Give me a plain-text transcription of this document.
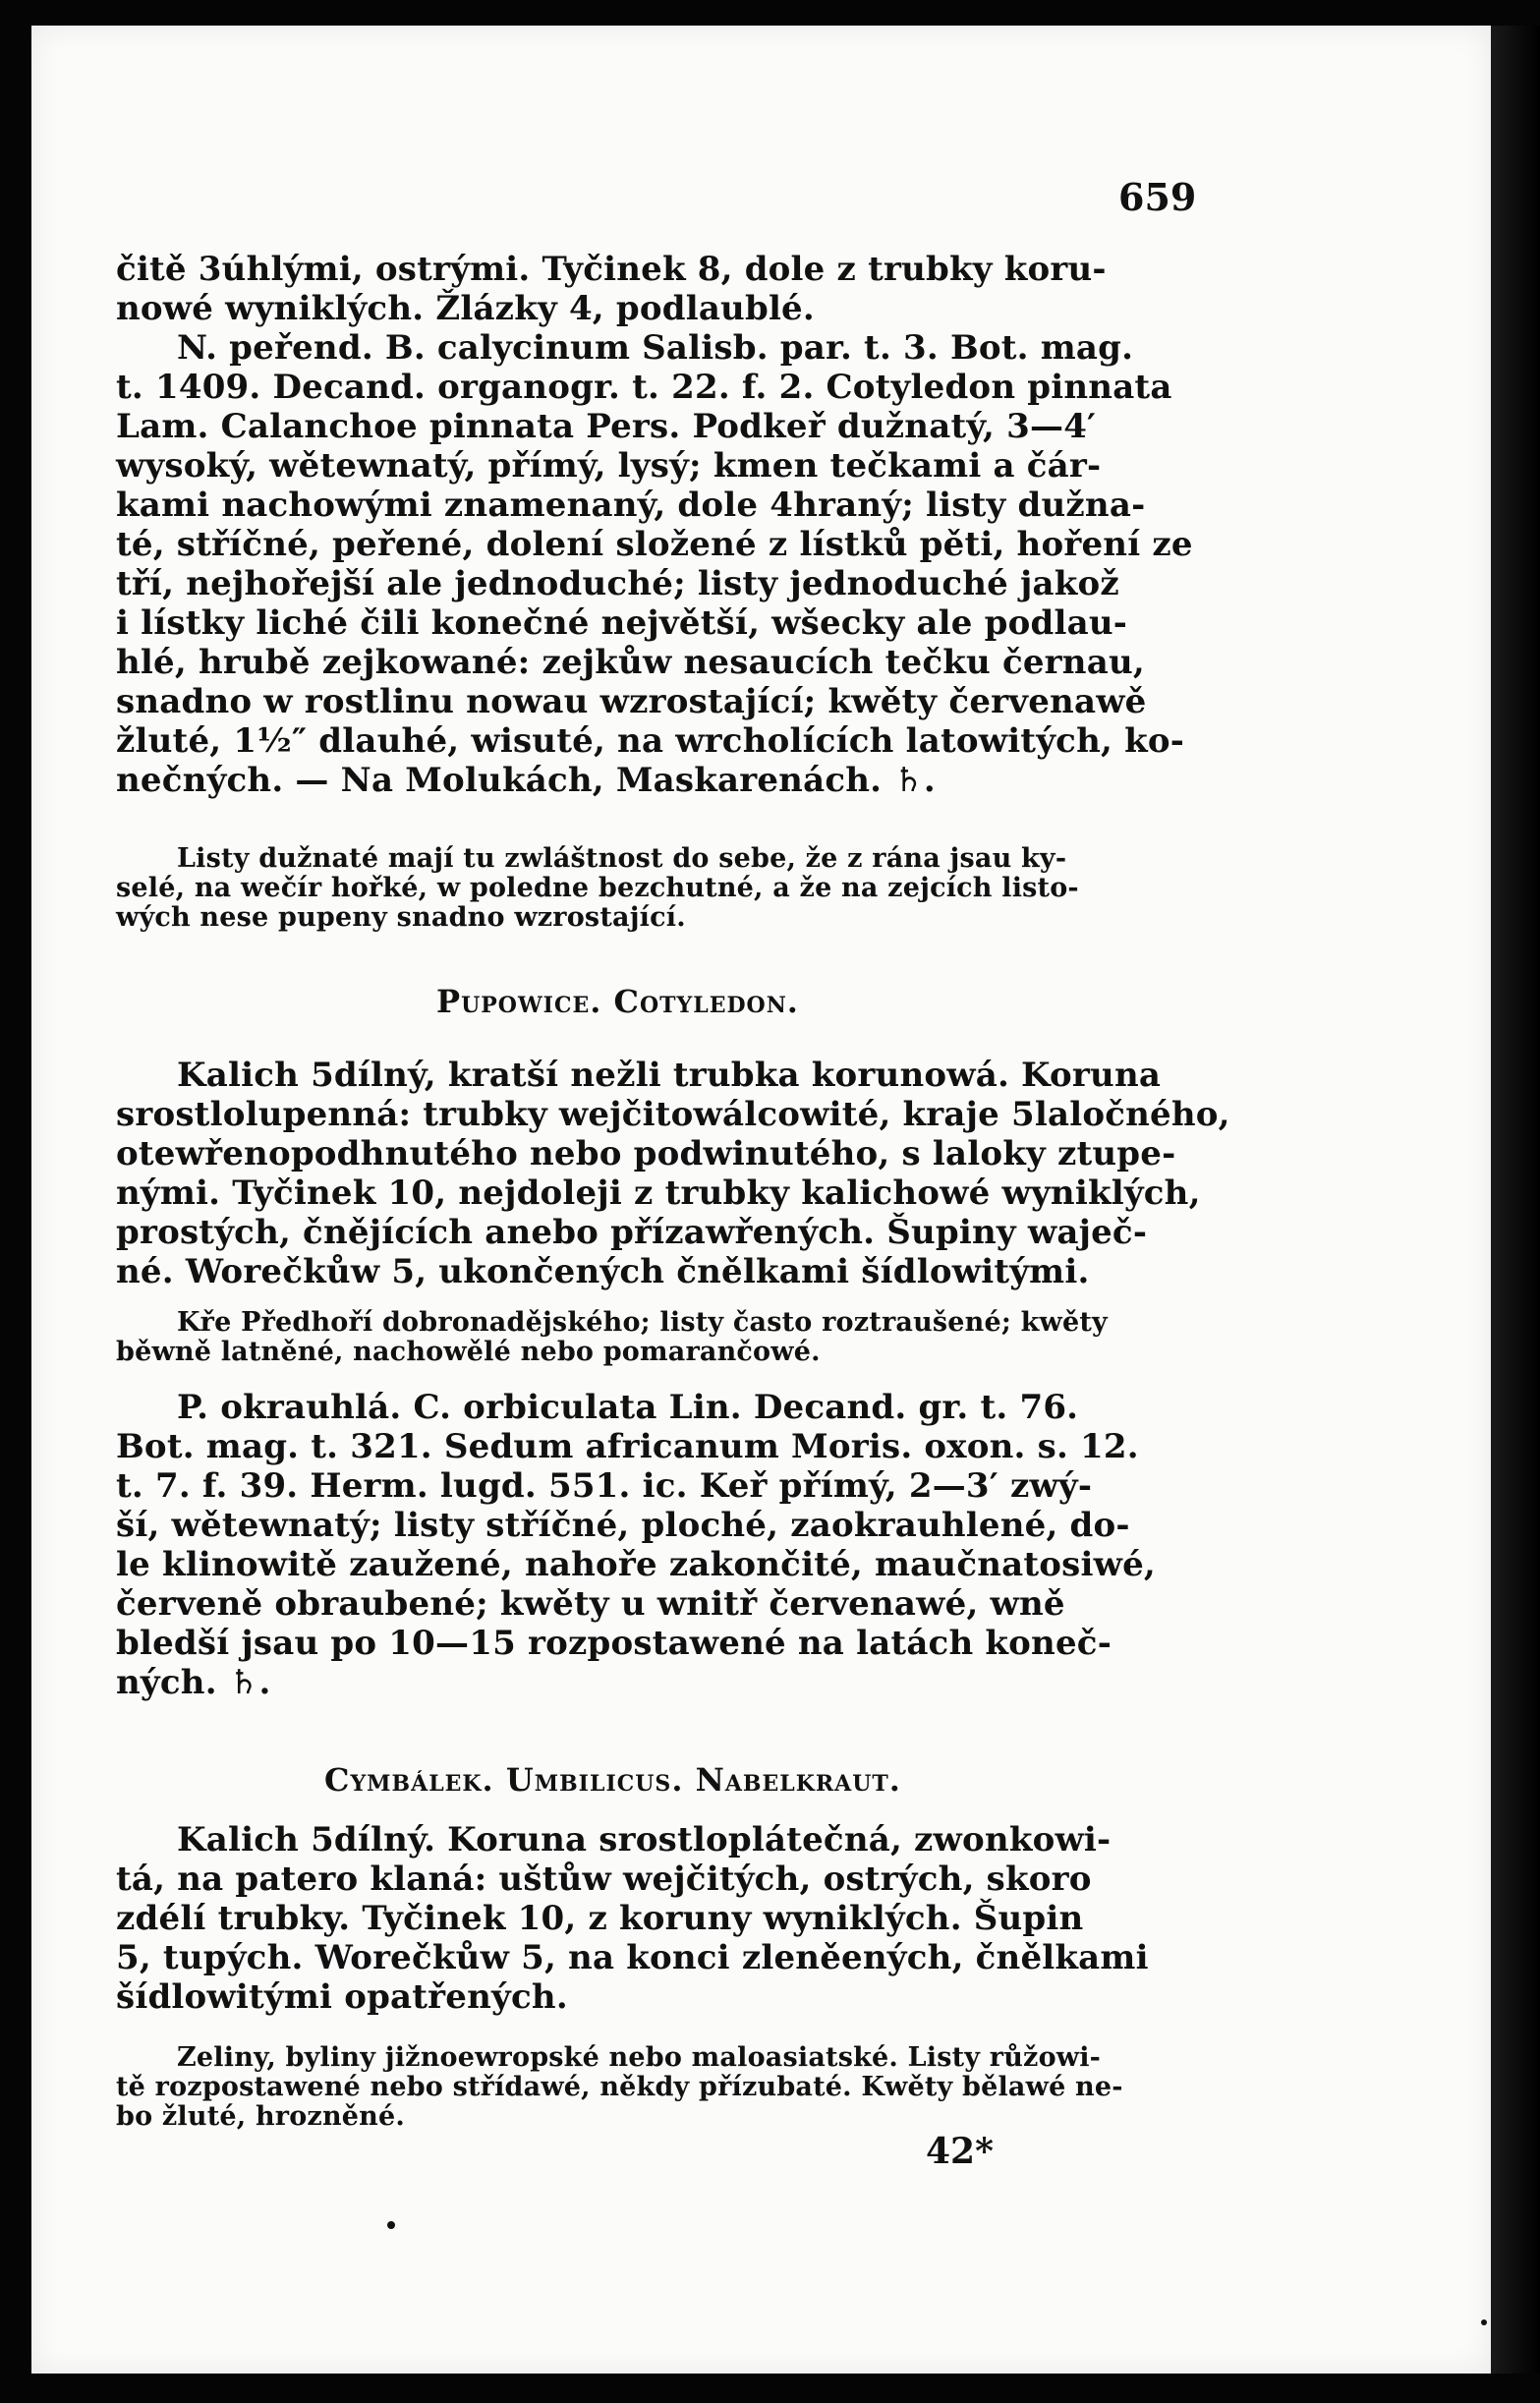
659
čitě 3úhlými, ostrými. Tyčinek 8, dole z trubky koru-
nowé wyniklých. Žlázky 4, podlaublé.
N. peřend. B. calycinum Salisb. par. t. 3. Bot. mag.
t. 1409. Decand. organogr. t. 22. f. 2. Cotyledon pinnata
Lam. Calanchoe pinnata Pers. Podkeř dužnatý, 3—4′
wysoký, wětewnatý, přímý, lysý; kmen tečkami a čár-
kami nachowými znamenaný, dole 4hraný; listy dužna-
té, stříčné, peřené, dolení složené z lístků pěti, hoření ze
tří, nejhořejší ale jednoduché; listy jednoduché jakož
i lístky liché čili konečné největší, wšecky ale podlau-
hlé, hrubě zejkowané: zejkůw nesaucích tečku černau,
snadno w rostlinu nowau wzrostající; kwěty červenawě
žluté, 1½″ dlauhé, wisuté, na wrcholících latowitých, ko-
nečných. — Na Molukách, Maskarenách. ♄.
Listy dužnaté mají tu zwláštnost do sebe, že z rána jsau ky-
selé, na wečír hořké, w poledne bezchutné, a že na zejcích listo-
wých nese pupeny snadno wzrostající.
Pupowice. Cotyledon.
Kalich 5dílný, kratší nežli trubka korunowá. Koruna
srostlolupenná: trubky wejčitowálcowité, kraje 5laločného,
otewřenopodhnutého nebo podwinutého, s laloky ztupe-
nými. Tyčinek 10, nejdoleji z trubky kalichowé wyniklých,
prostých, čnějících anebo přízawřených. Šupiny waječ-
né. Worečkůw 5, ukončených čnělkami šídlowitými.
Kře Předhoří dobronadějského; listy často roztraušené; kwěty
běwně latněné, nachowělé nebo pomarančowé.
P. okrauhlá. C. orbiculata Lin. Decand. gr. t. 76.
Bot. mag. t. 321. Sedum africanum Moris. oxon. s. 12.
t. 7. f. 39. Herm. lugd. 551. ic. Keř přímý, 2—3′ zwý-
ší, wětewnatý; listy stříčné, ploché, zaokrauhlené, do-
le klinowitě zaužené, nahoře zakončité, maučnatosiwé,
červeně obraubené; kwěty u wnitř červenawé, wně
bledší jsau po 10—15 rozpostawené na latách koneč-
ných. ♄.
Cymbálek. Umbilicus. Nabelkraut.
Kalich 5dílný. Koruna srostloplátečná, zwonkowi-
tá, na patero klaná: uštůw wejčitých, ostrých, skoro
zdélí trubky. Tyčinek 10, z koruny wyniklých. Šupin
5, tupých. Worečkůw 5, na konci zleněených, čnělkami
šídlowitými opatřených.
Zeliny, byliny jižnoewropské nebo maloasiatské. Listy růžowi-
tě rozpostawené nebo střídawé, někdy přízubaté. Kwěty bělawé ne-
bo žluté, hrozněné.
42*
